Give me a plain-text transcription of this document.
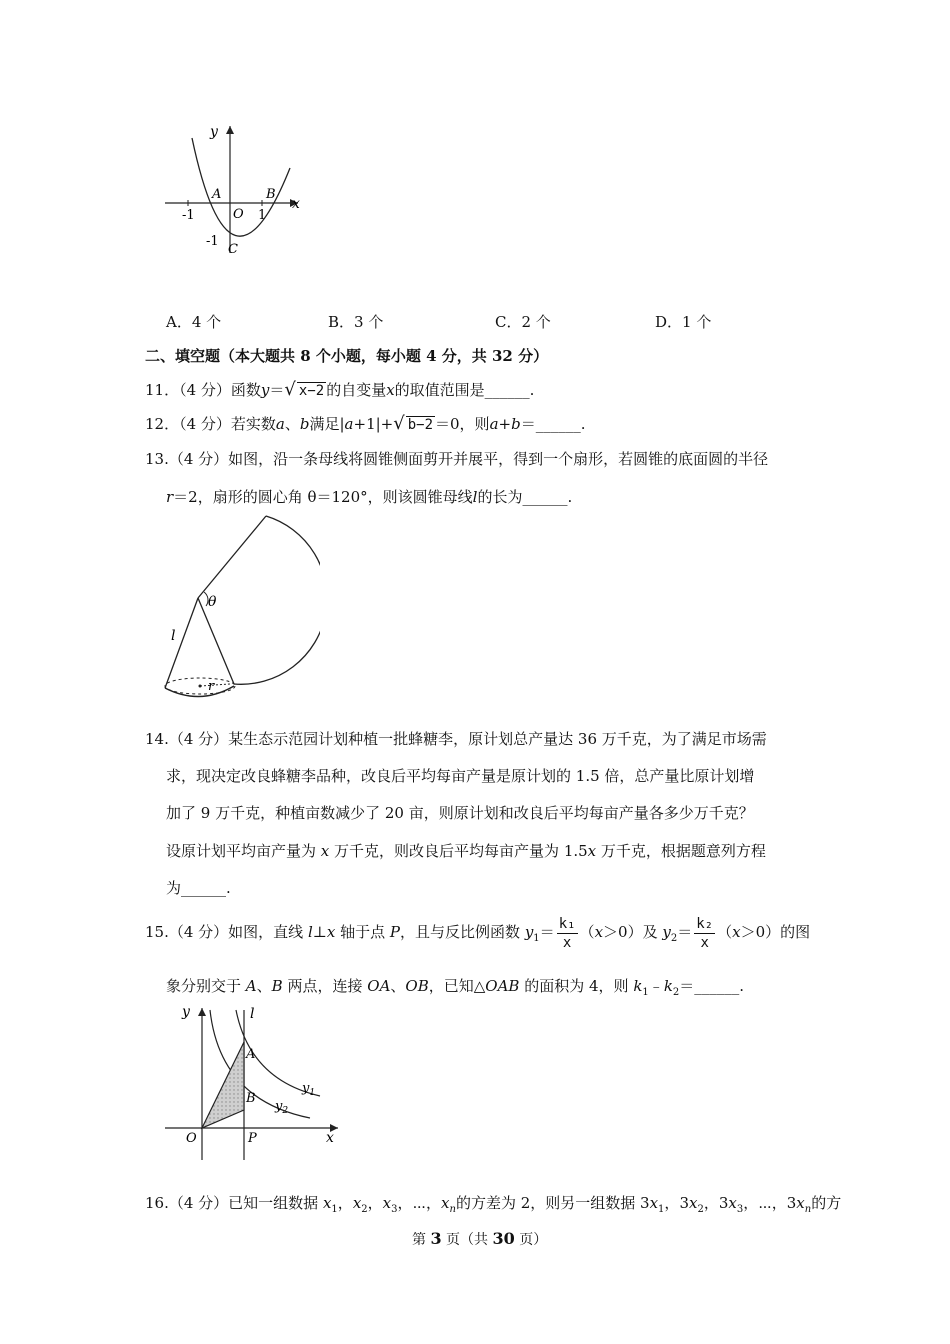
y
x
A	B
O
-1	1
-1
C
A．4 个	B．3 个	C．2 个	D．1 个
二、填空题（本大题共 8 个小题，每小题 4 分，共 32 分）
11．（4 分）函数y＝√ x−2 的自变量x的取值范围是______.
12．（4 分）若实数a、b满足|a+1|+√ b−2 ＝0，则a+b＝______.
13.（4 分）如图，沿一条母线将圆锥侧面剪开并展平，得到一个扇形，若圆锥的底面圆的半径
r＝2，扇形的圆心角 θ＝120°，则该圆锥母线l的长为______.
θ
l
r
14.（4 分）某生态示范园计划种植一批蜂糖李，原计划总产量达 36 万千克，为了满足市场需
求，现决定改良蜂糖李品种，改良后平均每亩产量是原计划的 1.5 倍，总产量比原计划增
加了 9 万千克，种植亩数减少了 20 亩，则原计划和改良后平均每亩产量各多少万千克？
设原计划平均亩产量为 x 万千克，则改良后平均每亩产量为 1.5x 万千克，根据题意列方程
为______.
15.（4 分）如图，直线 l⊥x 轴于点 P，且与反比例函数 $y_1= \frac{\text{k₁}}{x} (x>0)$及 $y_2= \frac{\text{k₂}}{x} (x>0)$的图
象分别交于 A、B 两点，连接 OA、OB，已知△OAB 的面积为 4，则 $k_1﹣k_2=\_\_\_\_\_\_$.
y
x
l
A
B
O	P
$y_1$
$y_2$
16.（4 分）已知一组数据 $x_1$，$x_2$，$x_3$，⋯，$x_n$的方差为 2，则另一组数据 $3x_1$，$3x_2$，$3x_3$，⋯，$3x_n$的方
第 3 页（共 30 页）
